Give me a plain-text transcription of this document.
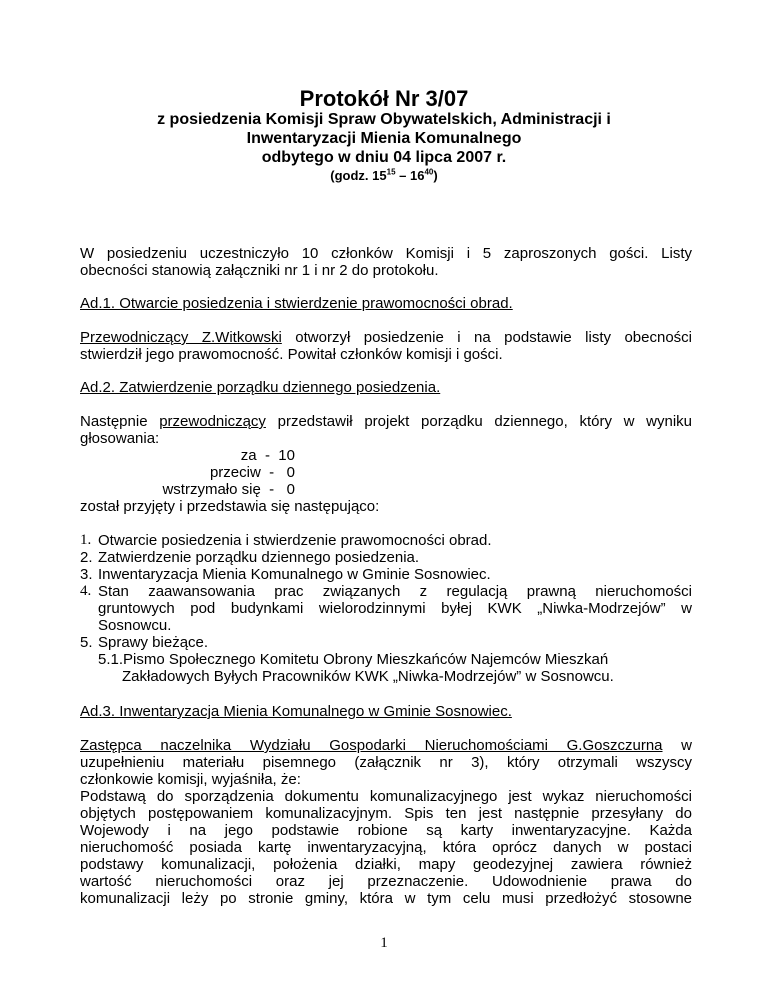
Protokół Nr 3/07
z posiedzenia Komisji Spraw Obywatelskich, Administracji i
Inwentaryzacji Mienia Komunalnego
odbytego w dniu 04 lipca 2007 r.
(godz. $15^{15} - 16^{40}$)
W posiedzeniu uczestniczyło 10 członków Komisji i 5 zaproszonych gości. Listy
obecności stanowią załączniki nr 1 i nr 2 do protokołu.
Ad.1. Otwarcie posiedzenia i stwierdzenie prawomocności obrad.
Przewodniczący Z.Witkowski otworzył posiedzenie i na podstawie listy obecności
stwierdził jego prawomocność. Powitał członków komisji i gości.
Ad.2. Zatwierdzenie porządku dziennego posiedzenia.
Następnie przewodniczący przedstawił projekt porządku dziennego, który w wyniku
głosowania:
za  -  10
przeciw  -   0
wstrzymało się  -   0
został przyjęty i przedstawia się następująco:
1. Otwarcie posiedzenia i stwierdzenie prawomocności obrad.
2. Zatwierdzenie porządku dziennego posiedzenia.
3. Inwentaryzacja Mienia Komunalnego w Gminie Sosnowiec.
4. Stan zaawansowania prac związanych z regulacją prawną nieruchomości
gruntowych pod budynkami wielorodzinnymi byłej KWK „Niwka-Modrzejów” w
Sosnowcu.
5. Sprawy bieżące.
5.1.Pismo Społecznego Komitetu Obrony Mieszkańców Najemców Mieszkań
Zakładowych Byłych Pracowników KWK „Niwka-Modrzejów” w Sosnowcu.
Ad.3. Inwentaryzacja Mienia Komunalnego w Gminie Sosnowiec.
Zastępca naczelnika Wydziału Gospodarki Nieruchomościami G.Goszczurna w
uzupełnieniu materiału pisemnego (załącznik nr 3), który otrzymali wszyscy
członkowie komisji, wyjaśniła, że:
Podstawą do sporządzenia dokumentu komunalizacyjnego jest wykaz nieruchomości
objętych postępowaniem komunalizacyjnym. Spis ten jest następnie przesyłany do
Wojewody i na jego podstawie robione są karty inwentaryzacyjne. Każda
nieruchomość posiada kartę inwentaryzacyjną, która oprócz danych w postaci
podstawy komunalizacji, położenia działki, mapy geodezyjnej zawiera również
wartość nieruchomości oraz jej przeznaczenie. Udowodnienie prawa do
komunalizacji leży po stronie gminy, która w tym celu musi przedłożyć stosowne
1
